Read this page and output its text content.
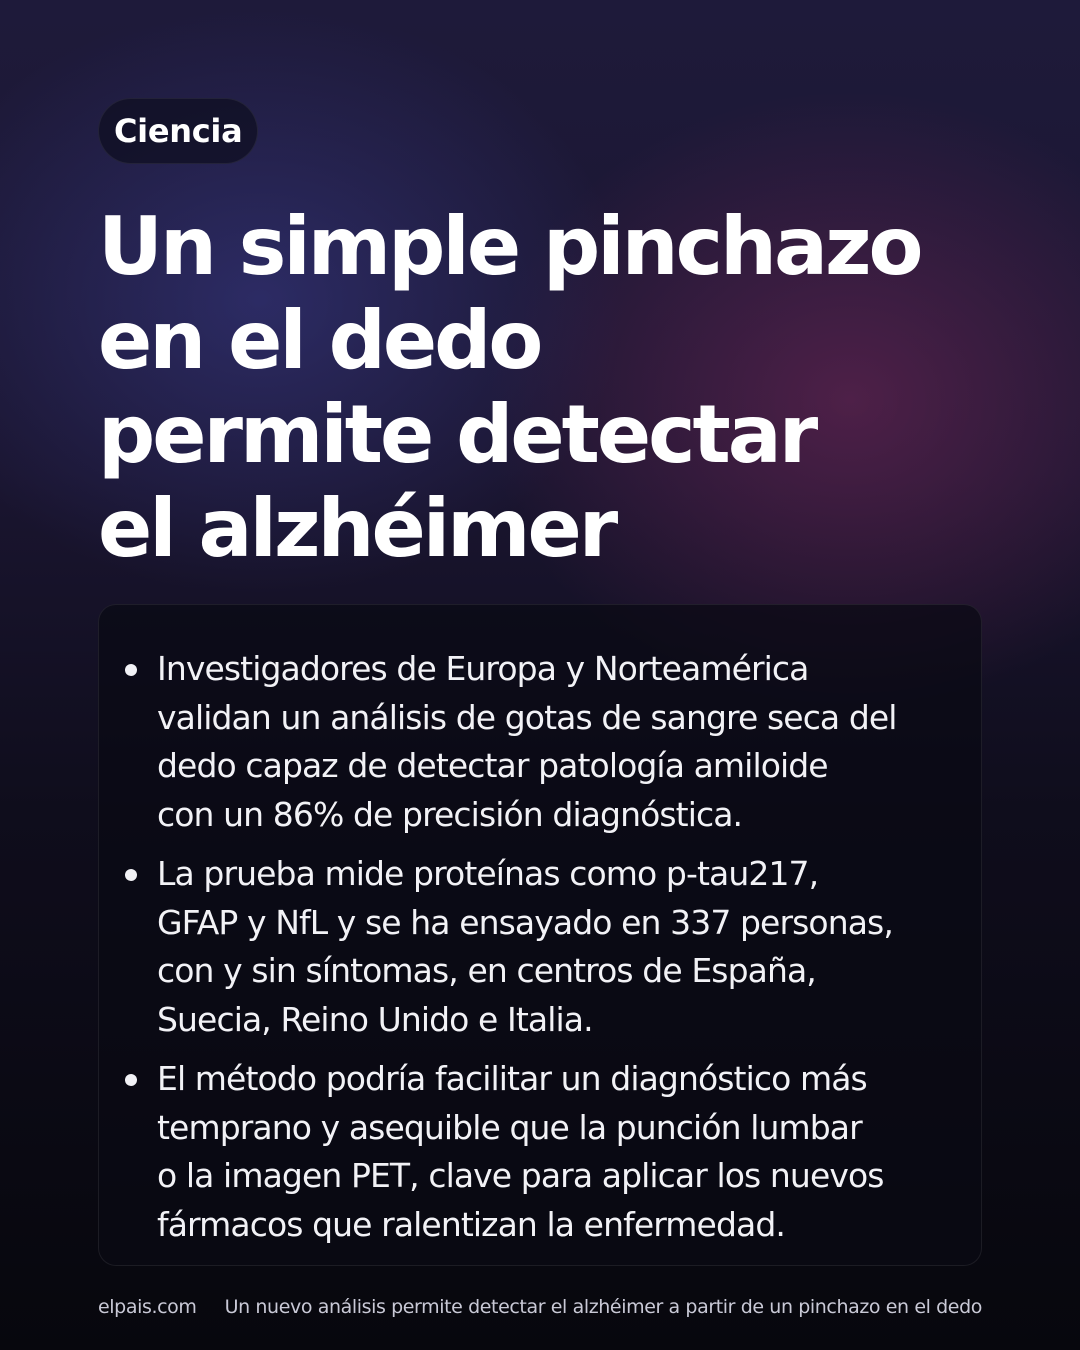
Ciencia
Un simple pinchazo
en el dedo
permite detectar
el alzhéimer
Investigadores de Europa y Norteamérica
validan un análisis de gotas de sangre seca del
dedo capaz de detectar patología amiloide
con un 86% de precisión diagnóstica.
La prueba mide proteínas como p-tau217,
GFAP y NfL y se ha ensayado en 337 personas,
con y sin síntomas, en centros de España,
Suecia, Reino Unido e Italia.
El método podría facilitar un diagnóstico más
temprano y asequible que la punción lumbar
o la imagen PET, clave para aplicar los nuevos
fármacos que ralentizan la enfermedad.
elpais.com Un nuevo análisis permite detectar el alzhéimer a partir de un pinchazo en el dedo
